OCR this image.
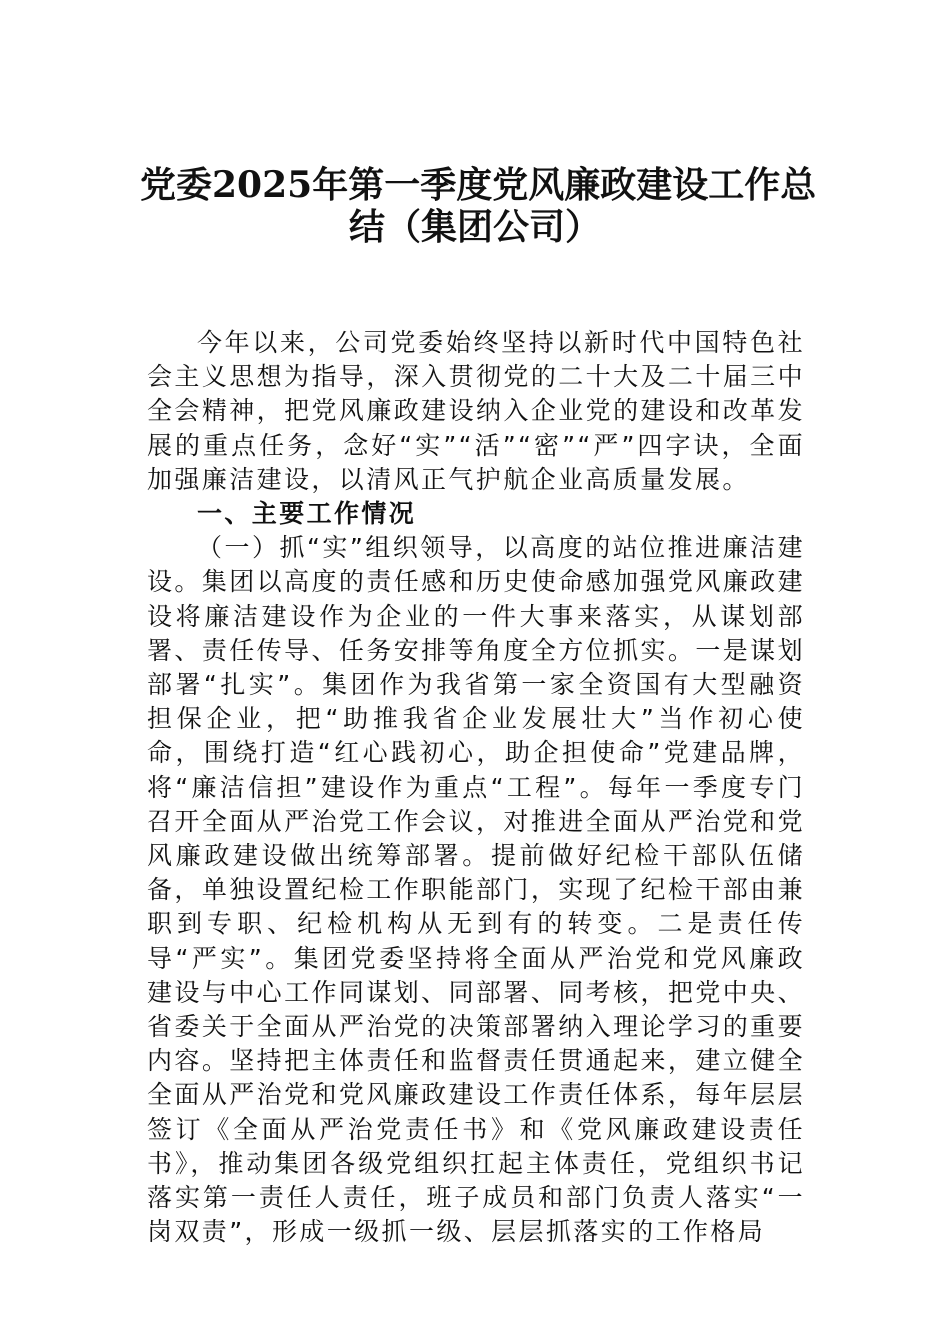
党委2025年第一季度党风廉政建设工作总
结（集团公司）

今年以来，公司党委始终坚持以新时代中国特色社会主义思想为指导，深入贯彻党的二十大及二十届三中全会精神，把党风廉政建设纳入企业党的建设和改革发展的重点任务，念好“实”“活”“密”“严”四字诀，全面加强廉洁建设，以清风正气护航企业高质量发展。

一、主要工作情况

（一）抓“实”组织领导，以高度的站位推进廉洁建设。集团以高度的责任感和历史使命感加强党风廉政建设将廉洁建设作为企业的一件大事来落实，从谋划部署、责任传导、任务安排等角度全方位抓实。一是谋划部署“扎实”。集团作为我省第一家全资国有大型融资担保企业，把“助推我省企业发展壮大”当作初心使命，围绕打造“红心践初心，助企担使命”党建品牌，将“廉洁信担”建设作为重点“工程”。每年一季度专门召开全面从严治党工作会议，对推进全面从严治党和党风廉政建设做出统筹部署。提前做好纪检干部队伍储备，单独设置纪检工作职能部门，实现了纪检干部由兼职到专职、纪检机构从无到有的转变。二是责任传导“严实”。集团党委坚持将全面从严治党和党风廉政建设与中心工作同谋划、同部署、同考核，把党中央、省委关于全面从严治党的决策部署纳入理论学习的重要内容。坚持把主体责任和监督责任贯通起来，建立健全全面从严治党和党风廉政建设工作责任体系，每年层层签订《全面从严治党责任书》和《党风廉政建设责任书》，推动集团各级党组织扛起主体责任，党组织书记落实第一责任人责任，班子成员和部门负责人落实“一岗双责”，形成一级抓一级、层层抓落实的工作格局
